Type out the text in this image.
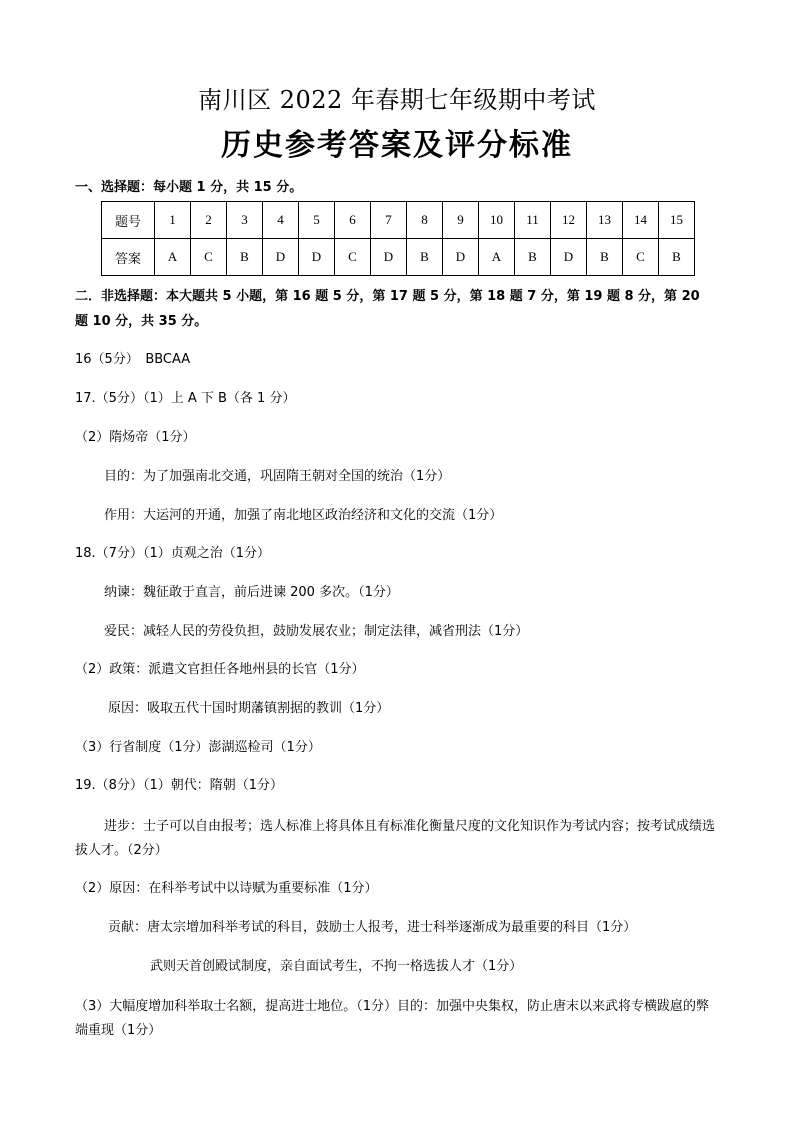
南川区 2022 年春期七年级期中考试
历史参考答案及评分标准
一、选择题：每小题 1 分，共 15 分。
题号	1	2	3	4	5	6	7	8	9	10	11	12	13	14	15
答案	A	C	B	D	D	C	D	B	D	A	B	D	B	C	B
二．非选择题：本大题共 5 小题，第 16 题 5 分，第 17 题 5 分，第 18 题 7 分，第 19 题 8 分，第 20
题 10 分，共 35 分。
16（5分）　BBCAA
17.（5分）（1）上 A 下 B（各 1 分）
（2）隋炀帝（1分）
目的：为了加强南北交通，巩固隋王朝对全国的统治（1分）
作用：大运河的开通，加强了南北地区政治经济和文化的交流（1分）
18.（7分）（1）贞观之治（1分）
纳谏：魏征敢于直言，前后进谏 200 多次。（1分）
爱民：减轻人民的劳役负担，鼓励发展农业；制定法律，减省刑法（1分）
（2）政策：派遣文官担任各地州县的长官（1分）
原因：吸取五代十国时期藩镇割据的教训（1分）
（3）行省制度（1分）澎湖巡检司（1分）
19.（8分）（1）朝代：隋朝（1分）
进步：士子可以自由报考；选人标准上将具体且有标准化衡量尺度的文化知识作为考试内容；按考试成绩选拔人才。（2分）
（2）原因：在科举考试中以诗赋为重要标准（1分）
贡献：唐太宗增加科举考试的科目，鼓励士人报考，进士科举逐渐成为最重要的科目（1分）
武则天首创殿试制度，亲自面试考生，不拘一格选拔人才（1分）
（3）大幅度增加科举取士名额，提高进士地位。（1分）目的：加强中央集权，防止唐末以来武将专横跋扈的弊端重现（1分）
